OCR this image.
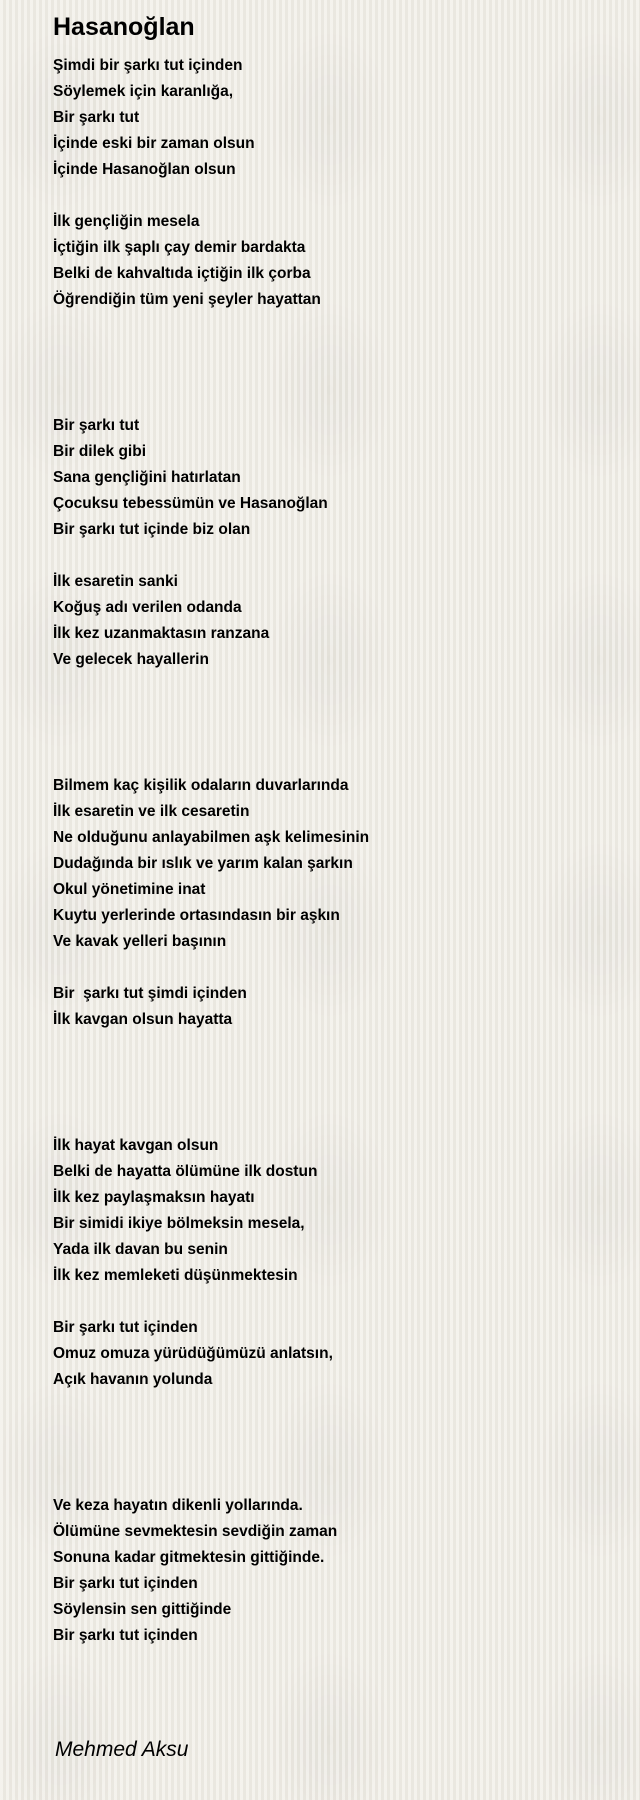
Hasanoğlan
Şimdi bir şarkı tut içinden
Söylemek için karanlığa,
Bir şarkı tut
İçinde eski bir zaman olsun
İçinde Hasanoğlan olsun
İlk gençliğin mesela
İçtiğin ilk şaplı çay demir bardakta
Belki de kahvaltıda içtiğin ilk çorba
Öğrendiğin tüm yeni şeyler hayattan
Bir şarkı tut
Bir dilek gibi
Sana gençliğini hatırlatan
Çocuksu tebessümün ve Hasanoğlan
Bir şarkı tut içinde biz olan
İlk esaretin sanki
Koğuş adı verilen odanda
İlk kez uzanmaktasın ranzana
Ve gelecek hayallerin
Bilmem kaç kişilik odaların duvarlarında
İlk esaretin ve ilk cesaretin
Ne olduğunu anlayabilmen aşk kelimesinin
Dudağında bir ıslık ve yarım kalan şarkın
Okul yönetimine inat
Kuytu yerlerinde ortasındasın bir aşkın
Ve kavak yelleri başının
Bir  şarkı tut şimdi içinden
İlk kavgan olsun hayatta
İlk hayat kavgan olsun
Belki de hayatta ölümüne ilk dostun
İlk kez paylaşmaksın hayatı
Bir simidi ikiye bölmeksin mesela,
Yada ilk davan bu senin
İlk kez memleketi düşünmektesin
Bir şarkı tut içinden
Omuz omuza yürüdüğümüzü anlatsın,
Açık havanın yolunda
Ve keza hayatın dikenli yollarında.
Ölümüne sevmektesin sevdiğin zaman
Sonuna kadar gitmektesin gittiğinde.
Bir şarkı tut içinden
Söylensin sen gittiğinde
Bir şarkı tut içinden
Mehmed Aksu
